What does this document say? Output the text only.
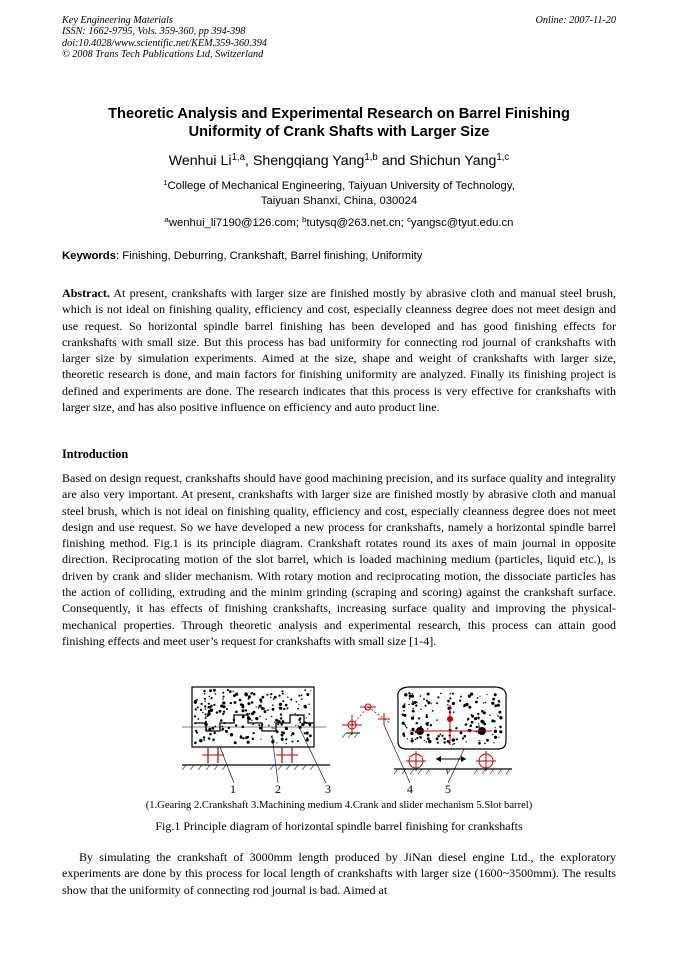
Key Engineering Materials
ISSN: 1662-9795, Vols. 359-360, pp 394-398
doi:10.4028/www.scientific.net/KEM.359-360.394
© 2008 Trans Tech Publications Ltd, Switzerland
Online: 2007-11-20
Theoretic Analysis and Experimental Research on Barrel Finishing
Uniformity of Crank Shafts with Larger Size
Wenhui Li$^{1,a}$, Shengqiang Yang$^{1,b}$ and Shichun Yang$^{1,c}$
$^1$College of Mechanical Engineering, Taiyuan University of Technology,
Taiyuan Shanxi, China, 030024
$^a$wenhui_li7190@126.com; $^b$tutysq@263.net.cn; $^c$yangsc@tyut.edu.cn
Keywords: Finishing, Deburring, Crankshaft, Barrel finishing, Uniformity
Abstract. At present, crankshafts with larger size are finished mostly by abrasive cloth and manual steel brush, which is not ideal on finishing quality, efficiency and cost, especially cleanness degree does not meet design and use request. So horizontal spindle barrel finishing has been developed and has good finishing effects for crankshafts with small size. But this process has bad uniformity for connecting rod journal of crankshafts with larger size by simulation experiments. Aimed at the size, shape and weight of crankshafts with larger size, theoretic research is done, and main factors for finishing uniformity are analyzed. Finally its finishing project is defined and experiments are done. The research indicates that this process is very effective for crankshafts with larger size, and has also positive influence on efficiency and auto product line.
Introduction
Based on design request, crankshafts should have good machining precision, and its surface quality and integrality are also very important. At present, crankshafts with larger size are finished mostly by abrasive cloth and manual steel brush, which is not ideal on finishing quality, efficiency and cost, especially cleanness degree does not meet design and use request. So we have developed a new process for crankshafts, namely a horizontal spindle barrel finishing method. Fig.1 is its principle diagram. Crankshaft rotates round its axes of main journal in opposite direction. Reciprocating motion of the slot barrel, which is loaded machining medium (particles, liquid etc.), is driven by crank and slider mechanism. With rotary motion and reciprocating motion, the dissociate particles has the action of colliding, extruding and the minim grinding (scraping and scoring) against the crankshaft surface. Consequently, it has effects of finishing crankshafts, increasing surface quality and improving the physical-mechanical properties. Through theoretic analysis and experimental research, this process can attain good finishing effects and meet user’s request for crankshafts with small size [1-4].
v
1	2	3	4	5
(1.Gearing 2.Crankshaft 3.Machining medium 4.Crank and slider mechanism 5.Slot barrel)
Fig.1 Principle diagram of horizontal spindle barrel finishing for crankshafts
By simulating the crankshaft of 3000mm length produced by JiNan diesel engine Ltd., the exploratory experiments are done by this process for local length of crankshafts with larger size (1600~3500mm). The results show that the uniformity of connecting rod journal is bad. Aimed at
